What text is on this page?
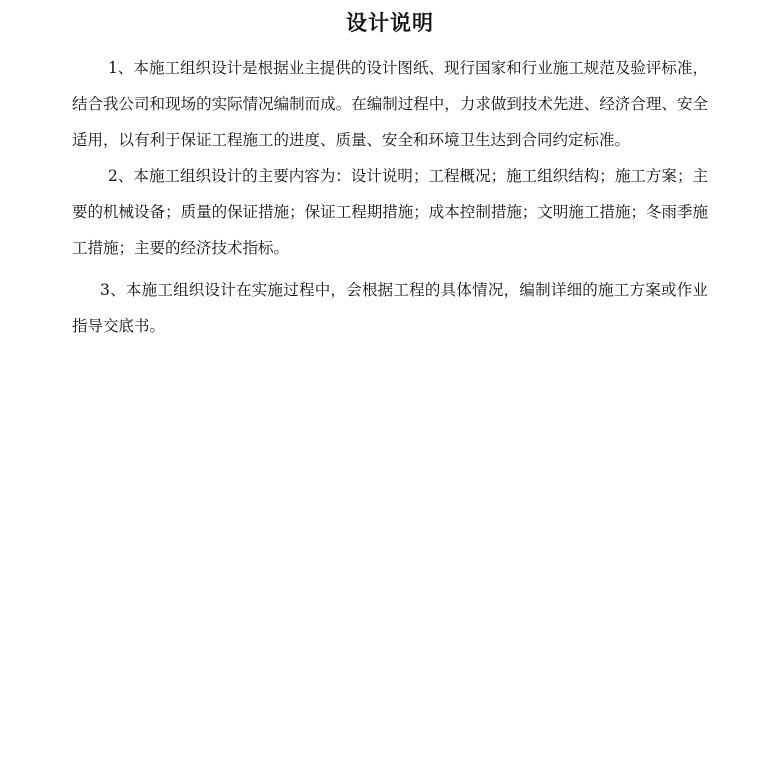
设计说明

1、本施工组织设计是根据业主提供的设计图纸、现行国家和行业施工规范及验评标准，结合我公司和现场的实际情况编制而成。在编制过程中，力求做到技术先进、经济合理、安全适用，以有利于保证工程施工的进度、质量、安全和环境卫生达到合同约定标准。

2、本施工组织设计的主要内容为：设计说明；工程概况；施工组织结构；施工方案；主要的机械设备；质量的保证措施；保证工程期措施；成本控制措施；文明施工措施；冬雨季施工措施；主要的经济技术指标。

3、本施工组织设计在实施过程中，会根据工程的具体情况，编制详细的施工方案或作业指导交底书。
